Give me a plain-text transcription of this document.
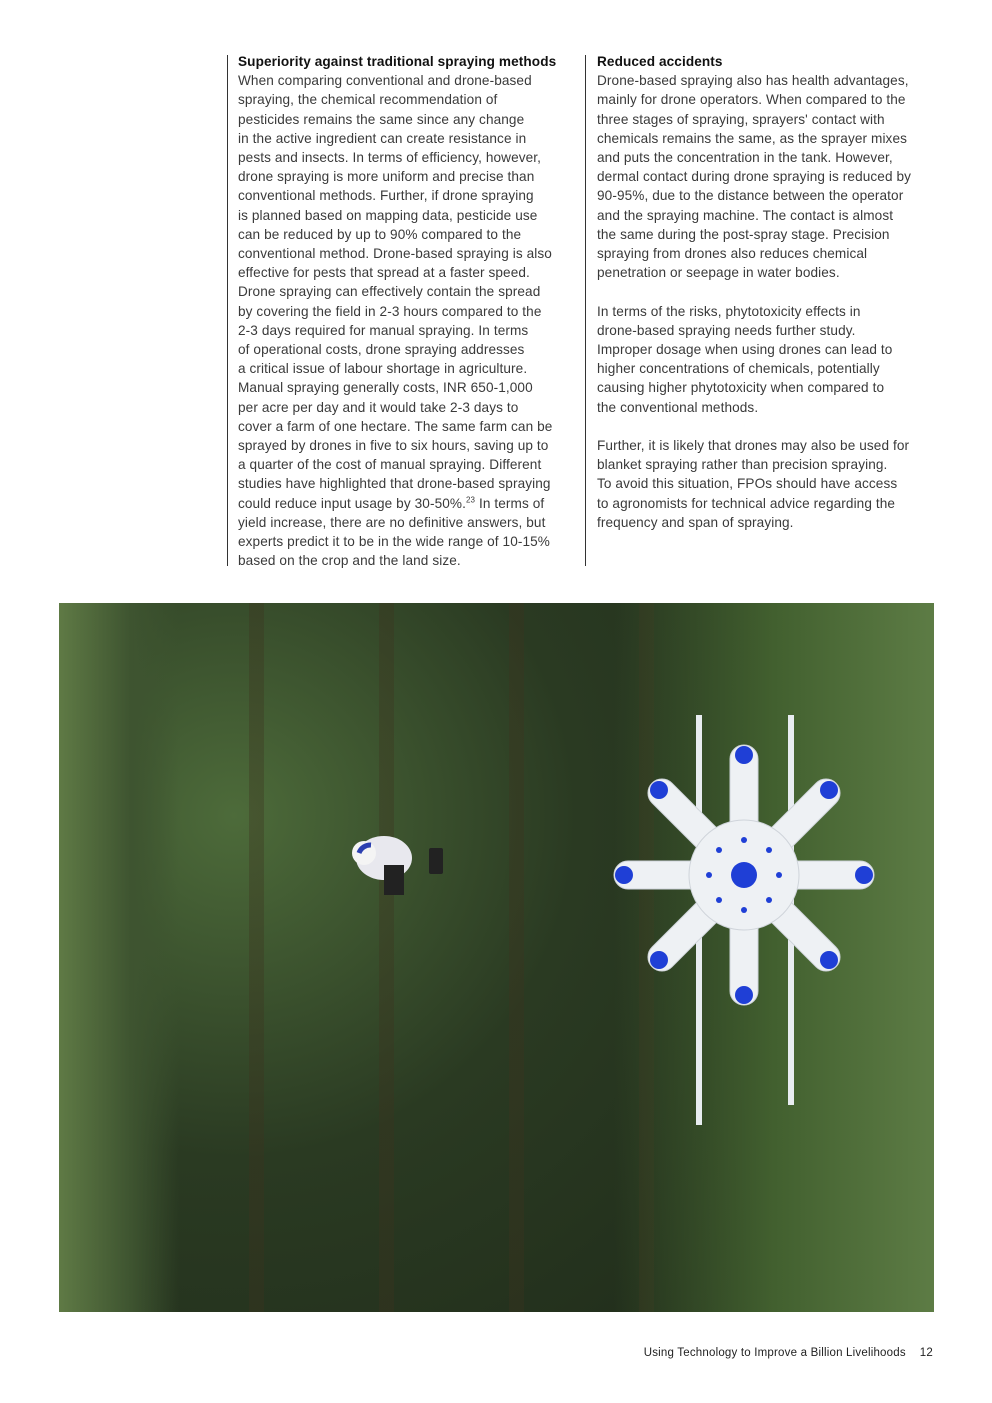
Superiority against traditional spraying methods
When comparing conventional and drone-based
spraying, the chemical recommendation of
pesticides remains the same since any change
in the active ingredient can create resistance in
pests and insects. In terms of efficiency, however,
drone spraying is more uniform and precise than
conventional methods. Further, if drone spraying
is planned based on mapping data, pesticide use
can be reduced by up to 90% compared to the
conventional method. Drone-based spraying is also
effective for pests that spread at a faster speed.
Drone spraying can effectively contain the spread
by covering the field in 2-3 hours compared to the
2-3 days required for manual spraying. In terms
of operational costs, drone spraying addresses
a critical issue of labour shortage in agriculture.
Manual spraying generally costs, INR 650-1,000
per acre per day and it would take 2-3 days to
cover a farm of one hectare. The same farm can be
sprayed by drones in five to six hours, saving up to
a quarter of the cost of manual spraying. Different
studies have highlighted that drone-based spraying
could reduce input usage by 30-50%.$^{23}$ In terms of
yield increase, there are no definitive answers, but
experts predict it to be in the wide range of 10-15%
based on the crop and the land size.
Reduced accidents
Drone-based spraying also has health advantages,
mainly for drone operators. When compared to the
three stages of spraying, sprayers' contact with
chemicals remains the same, as the sprayer mixes
and puts the concentration in the tank. However,
dermal contact during drone spraying is reduced by
90-95%, due to the distance between the operator
and the spraying machine. The contact is almost
the same during the post-spray stage. Precision
spraying from drones also reduces chemical
penetration or seepage in water bodies.
In terms of the risks, phytotoxicity effects in
drone-based spraying needs further study.
Improper dosage when using drones can lead to
higher concentrations of chemicals, potentially
causing higher phytotoxicity when compared to
the conventional methods.
Further, it is likely that drones may also be used for
blanket spraying rather than precision spraying.
To avoid this situation, FPOs should have access
to agronomists for technical advice regarding the
frequency and span of spraying.
Using Technology to Improve a Billion Livelihoods 12
